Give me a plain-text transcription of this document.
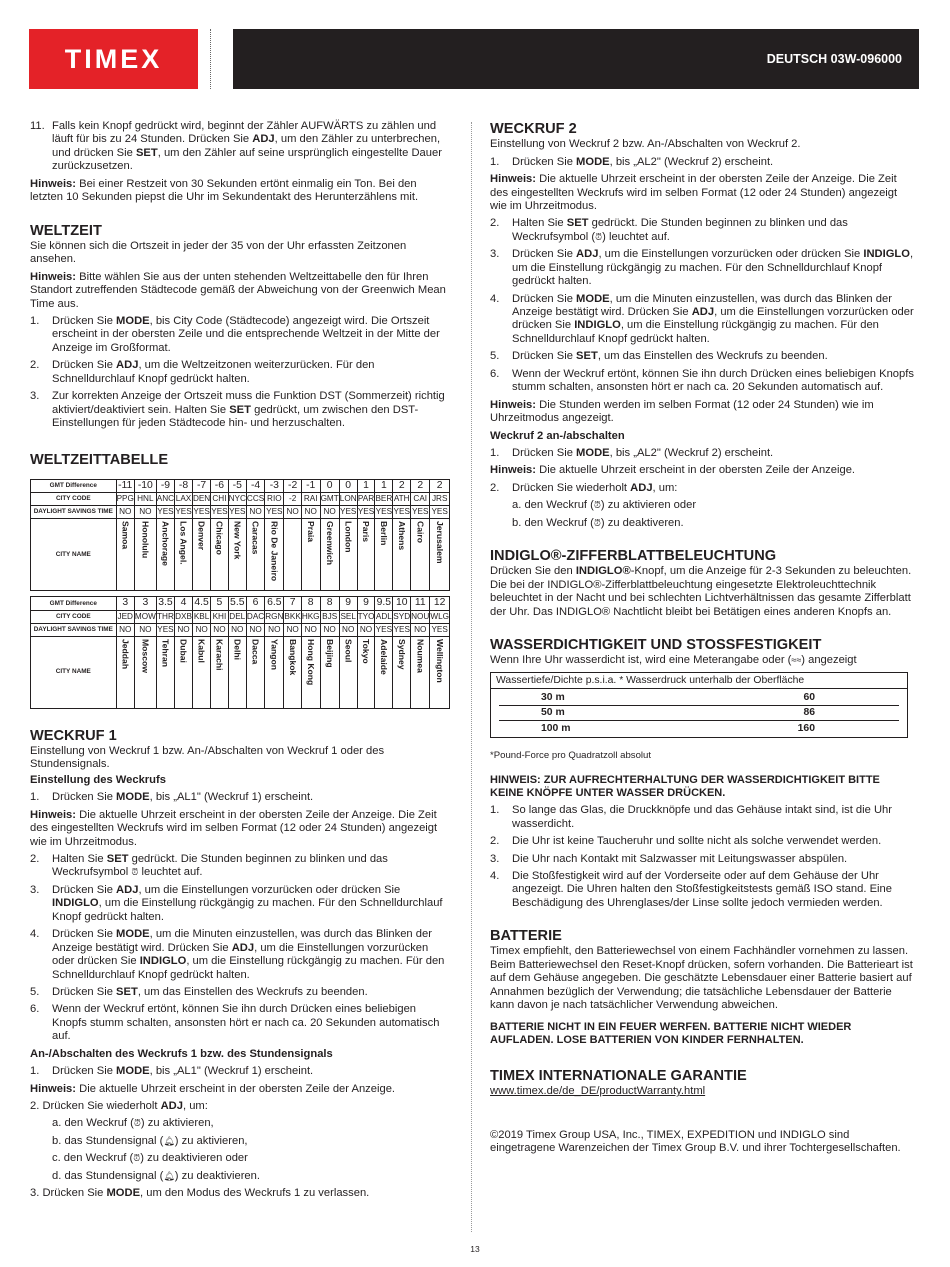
TIMEX	DEUTSCH 03W-096000
11. Falls kein Knopf gedrückt wird, beginnt der Zähler AUFWÄRTS zu zählen und läuft für bis zu 24 Stunden. Drücken Sie ADJ, um den Zähler zu unterbrechen, und drücken Sie SET, um den Zähler auf seine ursprünglich eingestellte Dauer zurückzusetzen.

Hinweis: Bei einer Restzeit von 30 Sekunden ertönt einmalig ein Ton. Bei den letzten 10 Sekunden piepst die Uhr im Sekundentakt des Herunterzählens mit.

WELTZEIT

Sie können sich die Ortszeit in jeder der 35 von der Uhr erfassten Zeitzonen ansehen.

Hinweis: Bitte wählen Sie aus der unten stehenden Weltzeittabelle den für Ihren Standort zutreffenden Städtecode gemäß der Abweichung von der Greenwich Mean Time aus.

1.	Drücken Sie MODE, bis City Code (Städtecode) angezeigt wird. Die Ortszeit erscheint in der obersten Zeile und die entsprechende Weltzeit in der Mitte der Anzeige im Großformat.
2.	Drücken Sie ADJ, um die Weltzeitzonen weiterzurücken. Für den Schnelldurchlauf Knopf gedrückt halten.
3.	Zur korrekten Anzeige der Ortszeit muss die Funktion DST (Sommerzeit) richtig aktiviert/deaktiviert sein. Halten Sie SET gedrückt, um zwischen den DST-Einstellungen für jeden Städtecode hin- und herzuschalten.
WELTZEITTABELLE
GMT Difference	-11	-10	-9	-8	-7	-6	-5	-4	-3	-2	-1	0	0	1	1	2	2	2
CITY CODE	PPG	HNL	ANC	LAX	DEN	CHI	NYC	CCS	RIO	-2	RAI	GMT	LON	PAR	BER	ATH	CAI	JRS
DAYLIGHT SAVINGS TIME	NO	NO	YES	YES	YES	YES	YES	NO	YES	NO	NO	NO	YES	YES	YES	YES	YES	YES
CITY NAME	Samoa	Honolulu	Anchorage	Los Angel.	Denver	Chicago	New York	Caracas	Rio De Janeiro		Praia	Greenwich	London	Paris	Berlin	Athens	Cairo	Jerusalem

GMT Difference	3	3	3.5	4	4.5	5	5.5	6	6.5	7	8	8	9	9	9.5	10	11	12
CITY CODE	JED	MOW	THR	DXB	KBL	KHI	DEL	DAC	RGN	BKK	HKG	BJS	SEL	TYO	ADL	SYD	NOU	WLG
DAYLIGHT SAVINGS TIME	NO	NO	YES	NO	NO	NO	NO	NO	NO	NO	NO	NO	NO	NO	YES	YES	NO	YES
CITY NAME	Jeddah	Moscow	Tehran	Dubai	Kabul	Karachi	Delhi	Dacca	Yangon	Bangkok	Hong Kong	Beijing	Seoul	Tokyo	Adelaide	Sydney	Noumea	Wellington
WECKRUF 1

Einstellung von Weckruf 1 bzw. An-/Abschalten von Weckruf 1 oder des Stundensignals.

Einstellung des Weckrufs
1.	Drücken Sie MODE, bis „AL1" (Weckruf 1) erscheint.

Hinweis: Die aktuelle Uhrzeit erscheint in der obersten Zeile der Anzeige. Die Zeit des eingestellten Weckrufs wird im selben Format (12 oder 24 Stunden) angezeigt wie im Uhrzeitmodus.

2.	Halten Sie SET gedrückt. Die Stunden beginnen zu blinken und das Weckrufsymbol ⏰︎ leuchtet auf.
3.	Drücken Sie ADJ, um die Einstellungen vorzurücken oder drücken Sie INDIGLO, um die Einstellung rückgängig zu machen. Für den Schnelldurchlauf Knopf gedrückt halten.
4.	Drücken Sie MODE, um die Minuten einzustellen, was durch das Blinken der Anzeige bestätigt wird. Drücken Sie ADJ, um die Einstellungen vorzurücken oder drücken Sie INDIGLO, um die Einstellung rückgängig zu machen. Für den Schnelldurchlauf Knopf gedrückt halten.
5.	Drücken Sie SET, um das Einstellen des Weckrufs zu beenden.
6.	Wenn der Weckruf ertönt, können Sie ihn durch Drücken eines beliebigen Knopfs stumm schalten, ansonsten hört er nach ca. 20 Sekunden automatisch auf.
An-/Abschalten des Weckrufs 1 bzw. des Stundensignals
1.	Drücken Sie MODE, bis „AL1" (Weckruf 1) erscheint.

Hinweis: Die aktuelle Uhrzeit erscheint in der obersten Zeile der Anzeige.

2. Drücken Sie wiederholt ADJ, um:

a. den Weckruf (⏰︎) zu aktivieren,

b. das Stundensignal (🔔︎) zu aktivieren,

c. den Weckruf (⏰︎) zu deaktivieren oder

d. das Stundensignal (🔔︎) zu deaktivieren.

3. Drücken Sie MODE, um den Modus des Weckrufs 1 zu verlassen.

WECKRUF 2

Einstellung von Weckruf 2 bzw. An-/Abschalten von Weckruf 2.

1.	Drücken Sie MODE, bis „AL2" (Weckruf 2) erscheint.

Hinweis: Die aktuelle Uhrzeit erscheint in der obersten Zeile der Anzeige. Die Zeit des eingestellten Weckrufs wird im selben Format (12 oder 24 Stunden) angezeigt wie im Uhrzeitmodus.

2.	Halten Sie SET gedrückt. Die Stunden beginnen zu blinken und das Weckrufsymbol (⏰︎) leuchtet auf.
3.	Drücken Sie ADJ, um die Einstellungen vorzurücken oder drücken Sie INDIGLO, um die Einstellung rückgängig zu machen. Für den Schnelldurchlauf Knopf gedrückt halten.
4.	Drücken Sie MODE, um die Minuten einzustellen, was durch das Blinken der Anzeige bestätigt wird. Drücken Sie ADJ, um die Einstellungen vorzurücken oder drücken Sie INDIGLO, um die Einstellung rückgängig zu machen. Für den Schnelldurchlauf Knopf gedrückt halten.
5.	Drücken Sie SET, um das Einstellen des Weckrufs zu beenden.
6.	Wenn der Weckruf ertönt, können Sie ihn durch Drücken eines beliebigen Knopfs stumm schalten, ansonsten hört er nach ca. 20 Sekunden automatisch auf.

Hinweis: Die Stunden werden im selben Format (12 oder 24 Stunden) wie im Uhrzeitmodus angezeigt.

Weckruf 2 an-/abschalten
1.	Drücken Sie MODE, bis „AL2" (Weckruf 2) erscheint.

Hinweis: Die aktuelle Uhrzeit erscheint in der obersten Zeile der Anzeige.

2.	Drücken Sie wiederholt ADJ, um:

a. den Weckruf (⏰︎) zu aktivieren oder

b. den Weckruf (⏰︎) zu deaktiveren.

INDIGLO®-ZIFFERBLATTBELEUCHTUNG

Drücken Sie den INDIGLO®-Knopf, um die Anzeige für 2-3 Sekunden zu beleuchten. Die bei der INDIGLO®-Zifferblattbeleuchtung eingesetzte Elektroleuchttechnik beleuchtet in der Nacht und bei schlechten Lichtverhältnissen das gesamte Zifferblatt der Uhr. Das INDIGLO® Nachtlicht bleibt bei Betätigen eines anderen Knopfs an.

WASSERDICHTIGKEIT UND STOSSFESTIGKEIT

Wenn Ihre Uhr wasserdicht ist, wird eine Meterangabe oder (≈≈) angezeigt

Wassertiefe/Dichte p.s.i.a. * Wasserdruck unterhalb der Oberfläche
30 m	60
50 m	86
100 m	160

*Pound-Force pro Quadratzoll absolut

HINWEIS: ZUR AUFRECHTERHALTUNG DER WASSERDICHTIGKEIT BITTE KEINE KNÖPFE UNTER WASSER DRÜCKEN.

1.	So lange das Glas, die Druckknöpfe und das Gehäuse intakt sind, ist die Uhr wasserdicht.
2.	Die Uhr ist keine Taucheruhr und sollte nicht als solche verwendet werden.
3.	Die Uhr nach Kontakt mit Salzwasser mit Leitungswasser abspülen.
4.	Die Stoßfestigkeit wird auf der Vorderseite oder auf dem Gehäuse der Uhr angezeigt. Die Uhren halten den Stoßfestigkeitstests gemäß ISO stand. Eine Beschädigung des Uhrenglases/der Linse sollte jedoch vermieden werden.
BATTERIE

Timex empfiehlt, den Batteriewechsel von einem Fachhändler vornehmen zu lassen. Beim Batteriewechsel den Reset-Knopf drücken, sofern vorhanden. Die Batterieart ist auf dem Gehäuse angegeben. Die geschätzte Lebensdauer einer Batterie basiert auf Annahmen bezüglich der Verwendung; die tatsächliche Lebensdauer der Batterie kann davon je nach tatsächlicher Verwendung abweichen.

BATTERIE NICHT IN EIN FEUER WERFEN. BATTERIE NICHT WIEDER AUFLADEN. LOSE BATTERIEN VON KINDER FERNHALTEN.

TIMEX INTERNATIONALE GARANTIE
www.timex.de/de_DE/productWarranty.html

©2019 Timex Group USA, Inc., TIMEX, EXPEDITION und INDIGLO sind eingetragene Warenzeichen der Timex Group B.V. und ihrer Tochtergesellschaften.

13
